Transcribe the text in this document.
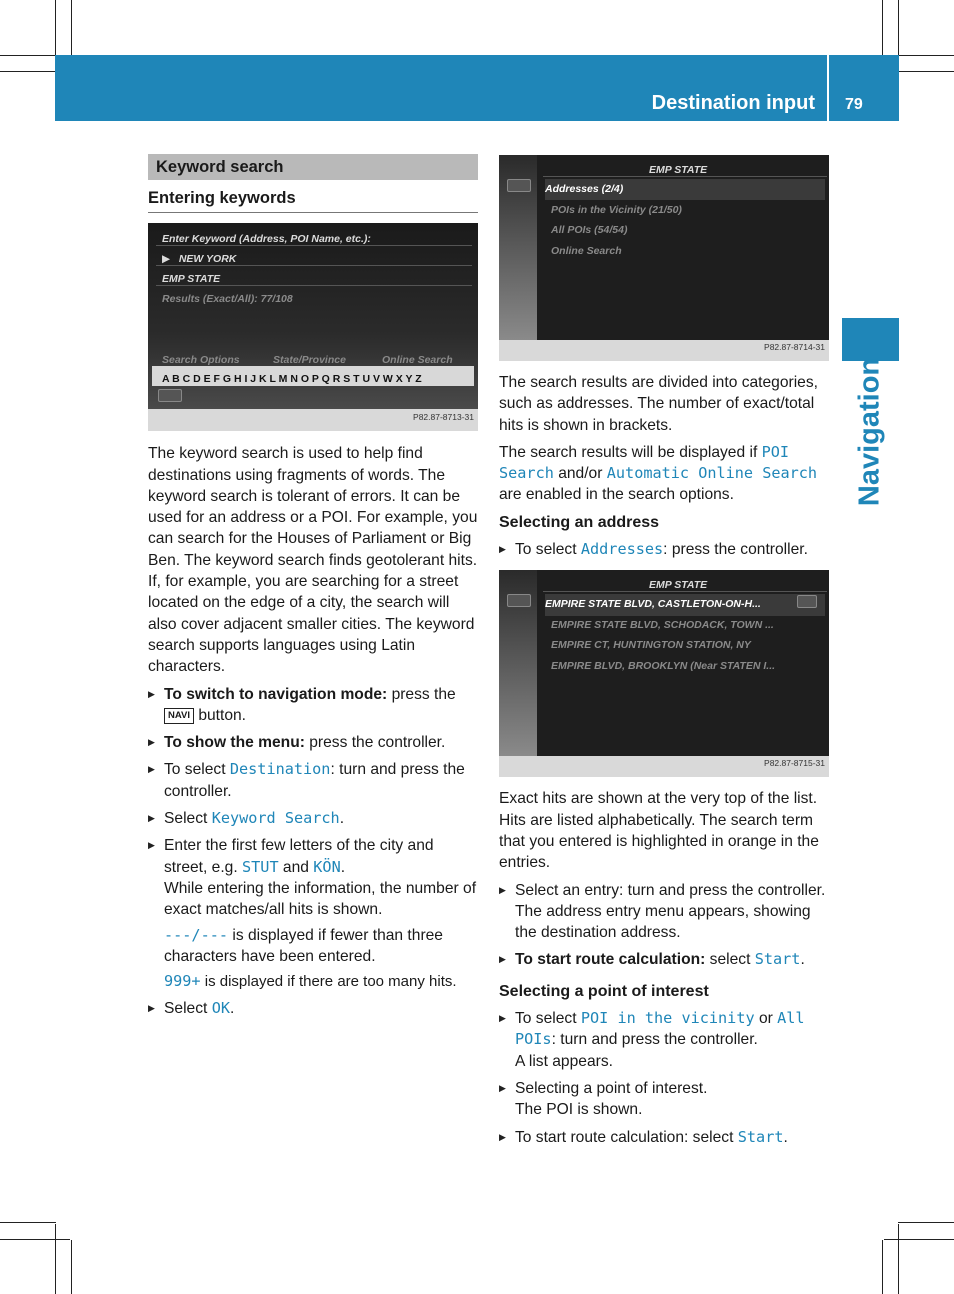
Destination input 79
Navigation
Keyword search
Entering keywords
Enter Keyword (Address, POI Name, etc.):
▶   NEW YORK
EMP STATE
Results (Exact/All): 77/108
Search Options	State/Province	Online Search
A B C D E F G H I J K L M N O P Q R S T U V W X Y Z
P82.87-8713-31

The keyword search is used to help find destinations using fragments of words. The keyword search is tolerant of errors. It can be used for an address or a POI. For example, you can search for the Houses of Parliament or Big Ben. The keyword search finds geotolerant hits. If, for example, you are searching for a street located on the edge of a city, the search will also cover adjacent smaller cities. The keyword search supports languages using Latin characters.

▶ To switch to navigation mode: press the NAVI button.
▶ To show the menu: press the controller.
▶ To select Destination: turn and press the controller.
▶ Select Keyword Search.
▶ Enter the first few letters of the city and street, e.g. STUT and KÖN.
While entering the information, the number of exact matches/all hits is shown.
---/--- is displayed if fewer than three characters have been entered.
999+ is displayed if there are too many hits.
▶ Select OK.
EMP STATE
Addresses (2/4)
POIs in the Vicinity (21/50)
All POIs (54/54)
Online Search
P82.87-8714-31

The search results are divided into categories, such as addresses. The number of exact/total hits is shown in brackets.

The search results will be displayed if POI Search and/or Automatic Online Search are enabled in the search options.

Selecting an address
▶ To select Addresses: press the controller.
EMP STATE
EMPIRE STATE BLVD, CASTLETON-ON-H...
EMPIRE STATE BLVD, SCHODACK, TOWN ...
EMPIRE CT, HUNTINGTON STATION, NY
EMPIRE BLVD, BROOKLYN (Near STATEN I...
P82.87-8715-31

Exact hits are shown at the very top of the list. Hits are listed alphabetically. The search term that you entered is highlighted in orange in the entries.

▶ Select an entry: turn and press the controller.
The address entry menu appears, showing the destination address.
▶ To start route calculation: select Start.
Selecting a point of interest
▶ To select POI in the vicinity or All POIs: turn and press the controller.
A list appears.
▶ Selecting a point of interest.
The POI is shown.
▶ To start route calculation: select Start.
